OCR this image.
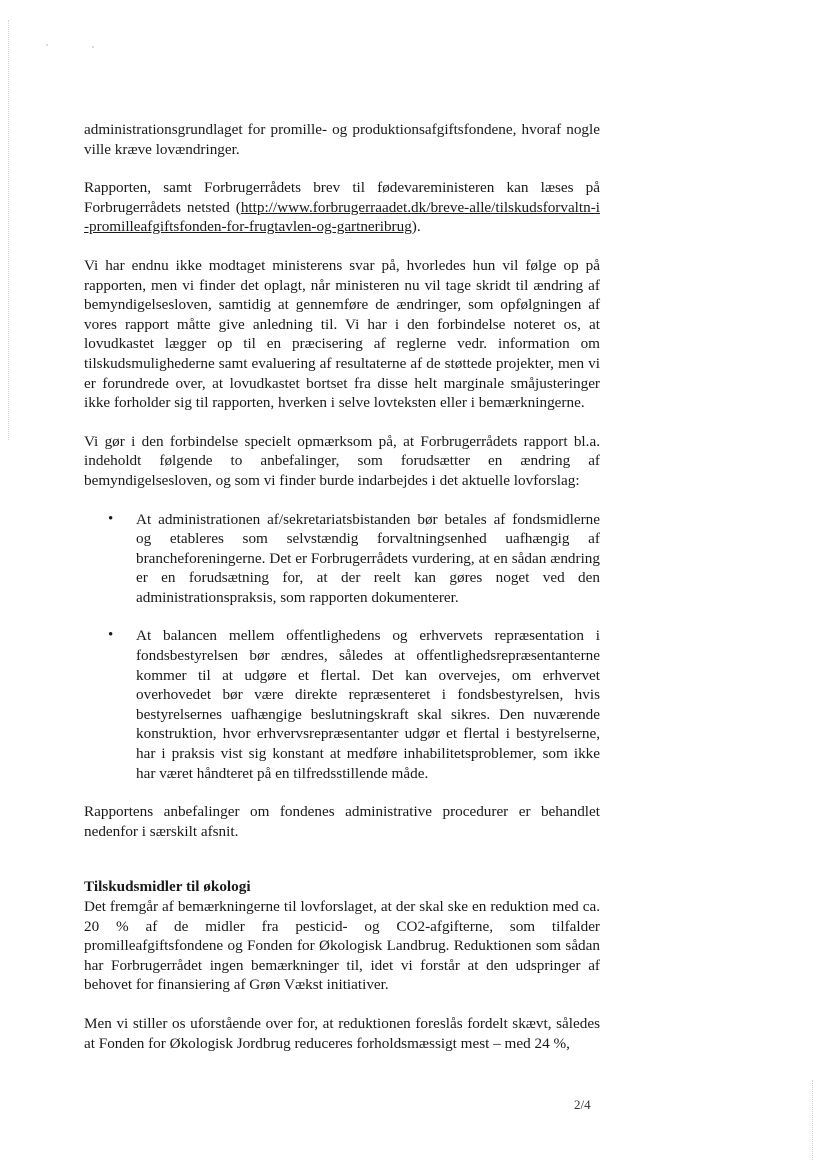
administrationsgrundlaget for promille- og produktionsafgiftsfondene, hvoraf nogle ville kræve lovændringer.

Rapporten, samt Forbrugerrådets brev til fødevareministeren kan læses på Forbrugerrådets netsted (http://www.forbrugerraadet.dk/breve-alle/tilskudsforvaltn-i-promilleafgiftsfonden-for-frugtavlen-og-gartneribrug).

Vi har endnu ikke modtaget ministerens svar på, hvorledes hun vil følge op på rapporten, men vi finder det oplagt, når ministeren nu vil tage skridt til ændring af bemyndigelsesloven, samtidig at gennemføre de ændringer, som opfølgningen af vores rapport måtte give anledning til. Vi har i den forbindelse noteret os, at lovudkastet lægger op til en præcisering af reglerne vedr. information om tilskudsmulighederne samt evaluering af resultaterne af de støttede projekter, men vi er forundrede over, at lovudkastet bortset fra disse helt marginale småjusteringer ikke forholder sig til rapporten, hverken i selve lovteksten eller i bemærkningerne.

Vi gør i den forbindelse specielt opmærksom på, at Forbrugerrådets rapport bl.a. indeholdt følgende to anbefalinger, som forudsætter en ændring af bemyndigelsesloven, og som vi finder burde indarbejdes i det aktuelle lovforslag:

• At administrationen af/sekretariatsbistanden bør betales af fondsmidlerne og etableres som selvstændig forvaltningsenhed uafhængig af brancheforeningerne. Det er Forbrugerrådets vurdering, at en sådan ændring er en forudsætning for, at der reelt kan gøres noget ved den administrationspraksis, som rapporten dokumenterer.
• At balancen mellem offentlighedens og erhvervets repræsentation i fondsbestyrelsen bør ændres, således at offentlighedsrepræsentanterne kommer til at udgøre et flertal. Det kan overvejes, om erhvervet overhovedet bør være direkte repræsenteret i fondsbestyrelsen, hvis bestyrelsernes uafhængige beslutningskraft skal sikres. Den nuværende konstruktion, hvor erhvervsrepræsentanter udgør et flertal i bestyrelserne, har i praksis vist sig konstant at medføre inhabilitetsproblemer, som ikke har været håndteret på en tilfredsstillende måde.

Rapportens anbefalinger om fondenes administrative procedurer er behandlet nedenfor i særskilt afsnit.

Tilskudsmidler til økologi

Det fremgår af bemærkningerne til lovforslaget, at der skal ske en reduktion med ca. 20 % af de midler fra pesticid- og CO2-afgifterne, som tilfalder promilleafgiftsfondene og Fonden for Økologisk Landbrug. Reduktionen som sådan har Forbrugerrådet ingen bemærkninger til, idet vi forstår at den udspringer af behovet for finansiering af Grøn Vækst initiativer.

Men vi stiller os uforstående over for, at reduktionen foreslås fordelt skævt, således at Fonden for Økologisk Jordbrug reduceres forholdsmæssigt mest – med 24 %,

2/4
